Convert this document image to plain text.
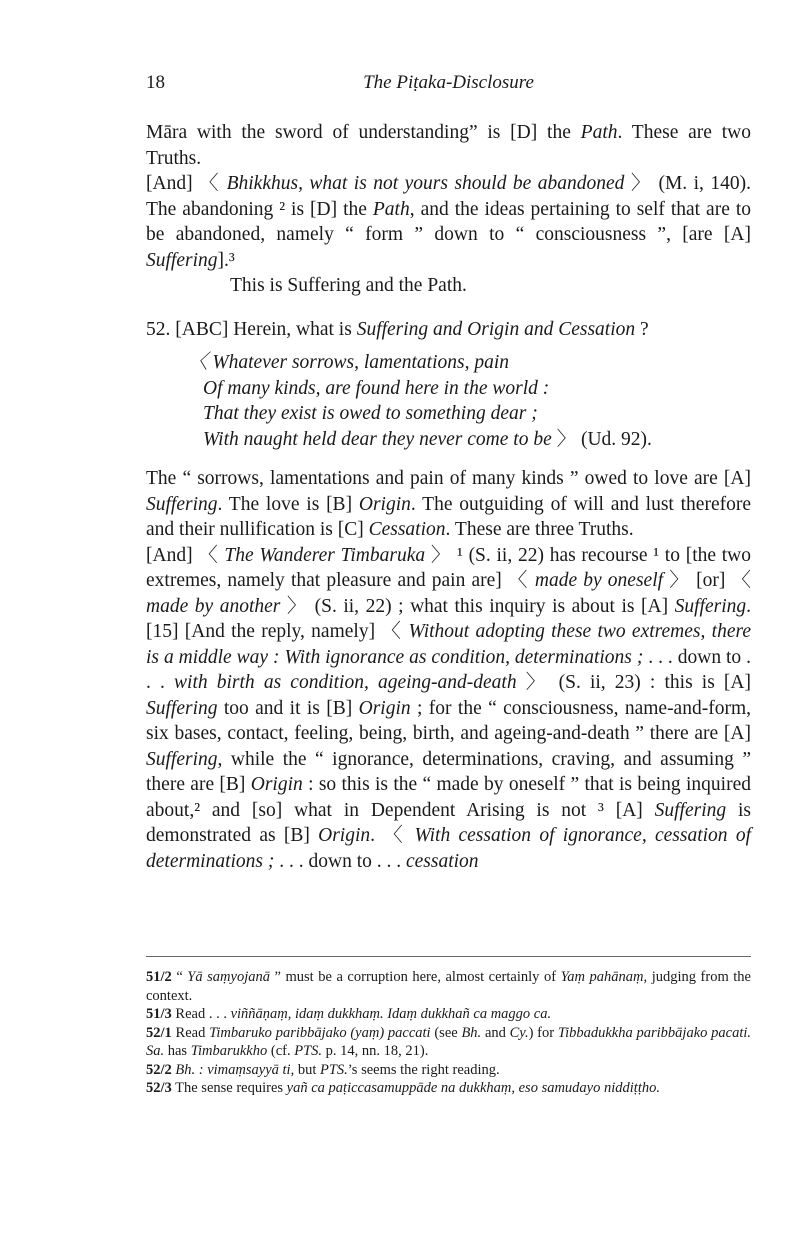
18	The Piṭaka-Disclosure

Māra with the sword of understanding” is [D] the Path. These are two Truths.

[And] 〈 Bhikkhus, what is not yours should be abandoned 〉 (M. i, 140). The abandoning ² is [D] the Path, and the ideas pertaining to self that are to be abandoned, namely “ form ” down to “ consciousness ”, [are [A] Suffering].³

This is Suffering and the Path.

52. [ABC] Herein, what is Suffering and Origin and Cessation ?

〈 Whatever sorrows, lamentations, pain
Of many kinds, are found here in the world :
That they exist is owed to something dear ;
With naught held dear they never come to be 〉 (Ud. 92).

The “ sorrows, lamentations and pain of many kinds ” owed to love are [A] Suffering. The love is [B] Origin. The outguiding of will and lust therefore and their nullification is [C] Cessation. These are three Truths.

[And] 〈 The Wanderer Timbaruka 〉 ¹ (S. ii, 22) has recourse ¹ to [the two extremes, namely that pleasure and pain are] 〈 made by oneself 〉 [or] 〈 made by another 〉 (S. ii, 22) ; what this inquiry is about is [A] Suffering. [15] [And the reply, namely] 〈 Without adopting these two extremes, there is a middle way : With ignorance as condition, determinations ; . . . down to . . . with birth as condition, ageing-and-death 〉 (S. ii, 23) : this is [A] Suffering too and it is [B] Origin ; for the “ consciousness, name-and-form, six bases, contact, feeling, being, birth, and ageing-and-death ” there are [A] Suffering, while the “ ignorance, determinations, craving, and assuming ” there are [B] Origin : so this is the “ made by oneself ” that is being inquired about,² and [so] what in Dependent Arising is not ³ [A] Suffering is demonstrated as [B] Origin. 〈 With cessation of ignorance, cessation of determinations ; . . . down to . . . cessation

51/2 “ Yā saṃyojanā ” must be a corruption here, almost certainly of Yaṃ pahānaṃ, judging from the context.

51/3 Read . . . viññāṇaṃ, idaṃ dukkhaṃ. Idaṃ dukkhañ ca maggo ca.

52/1 Read Timbaruko paribbājako (yaṃ) paccati (see Bh. and Cy.) for Tibbadukkha paribbājako pacati. Sa. has Timbarukkho (cf. PTS. p. 14, nn. 18, 21).

52/2 Bh. : vimaṃsayyā ti, but PTS.’s seems the right reading.

52/3 The sense requires yañ ca paṭiccasamuppāde na dukkhaṃ, eso samudayo niddiṭṭho.
